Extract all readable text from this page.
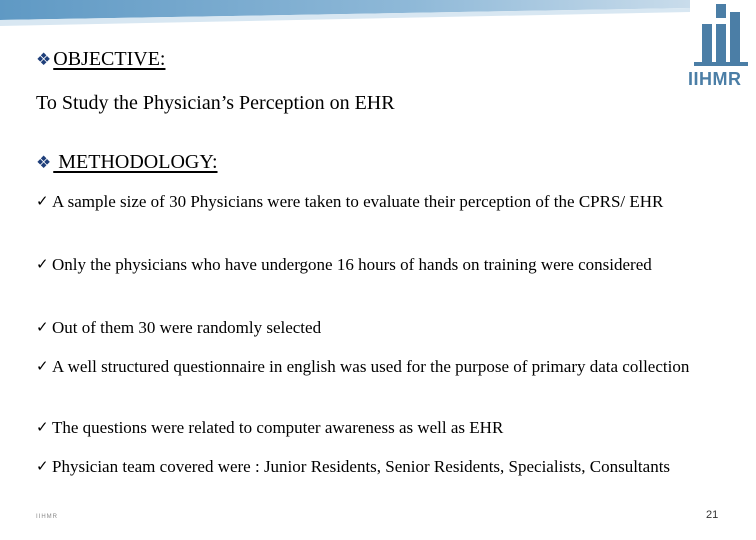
IIHMR
❖ OBJECTIVE:
To Study the Physician’s Perception on EHR
❖ METHODOLOGY:
✓ A sample size of 30 Physicians were taken to evaluate their perception of the CPRS/ EHR
✓ Only the physicians who have undergone 16 hours of hands on training were considered
✓ Out of them 30 were randomly selected
✓ A well structured questionnaire in english was used for the purpose of primary data collection
✓ The questions were related to computer awareness as well as EHR
✓ Physician team covered were : Junior Residents, Senior Residents, Specialists, Consultants
IIHMR	21
